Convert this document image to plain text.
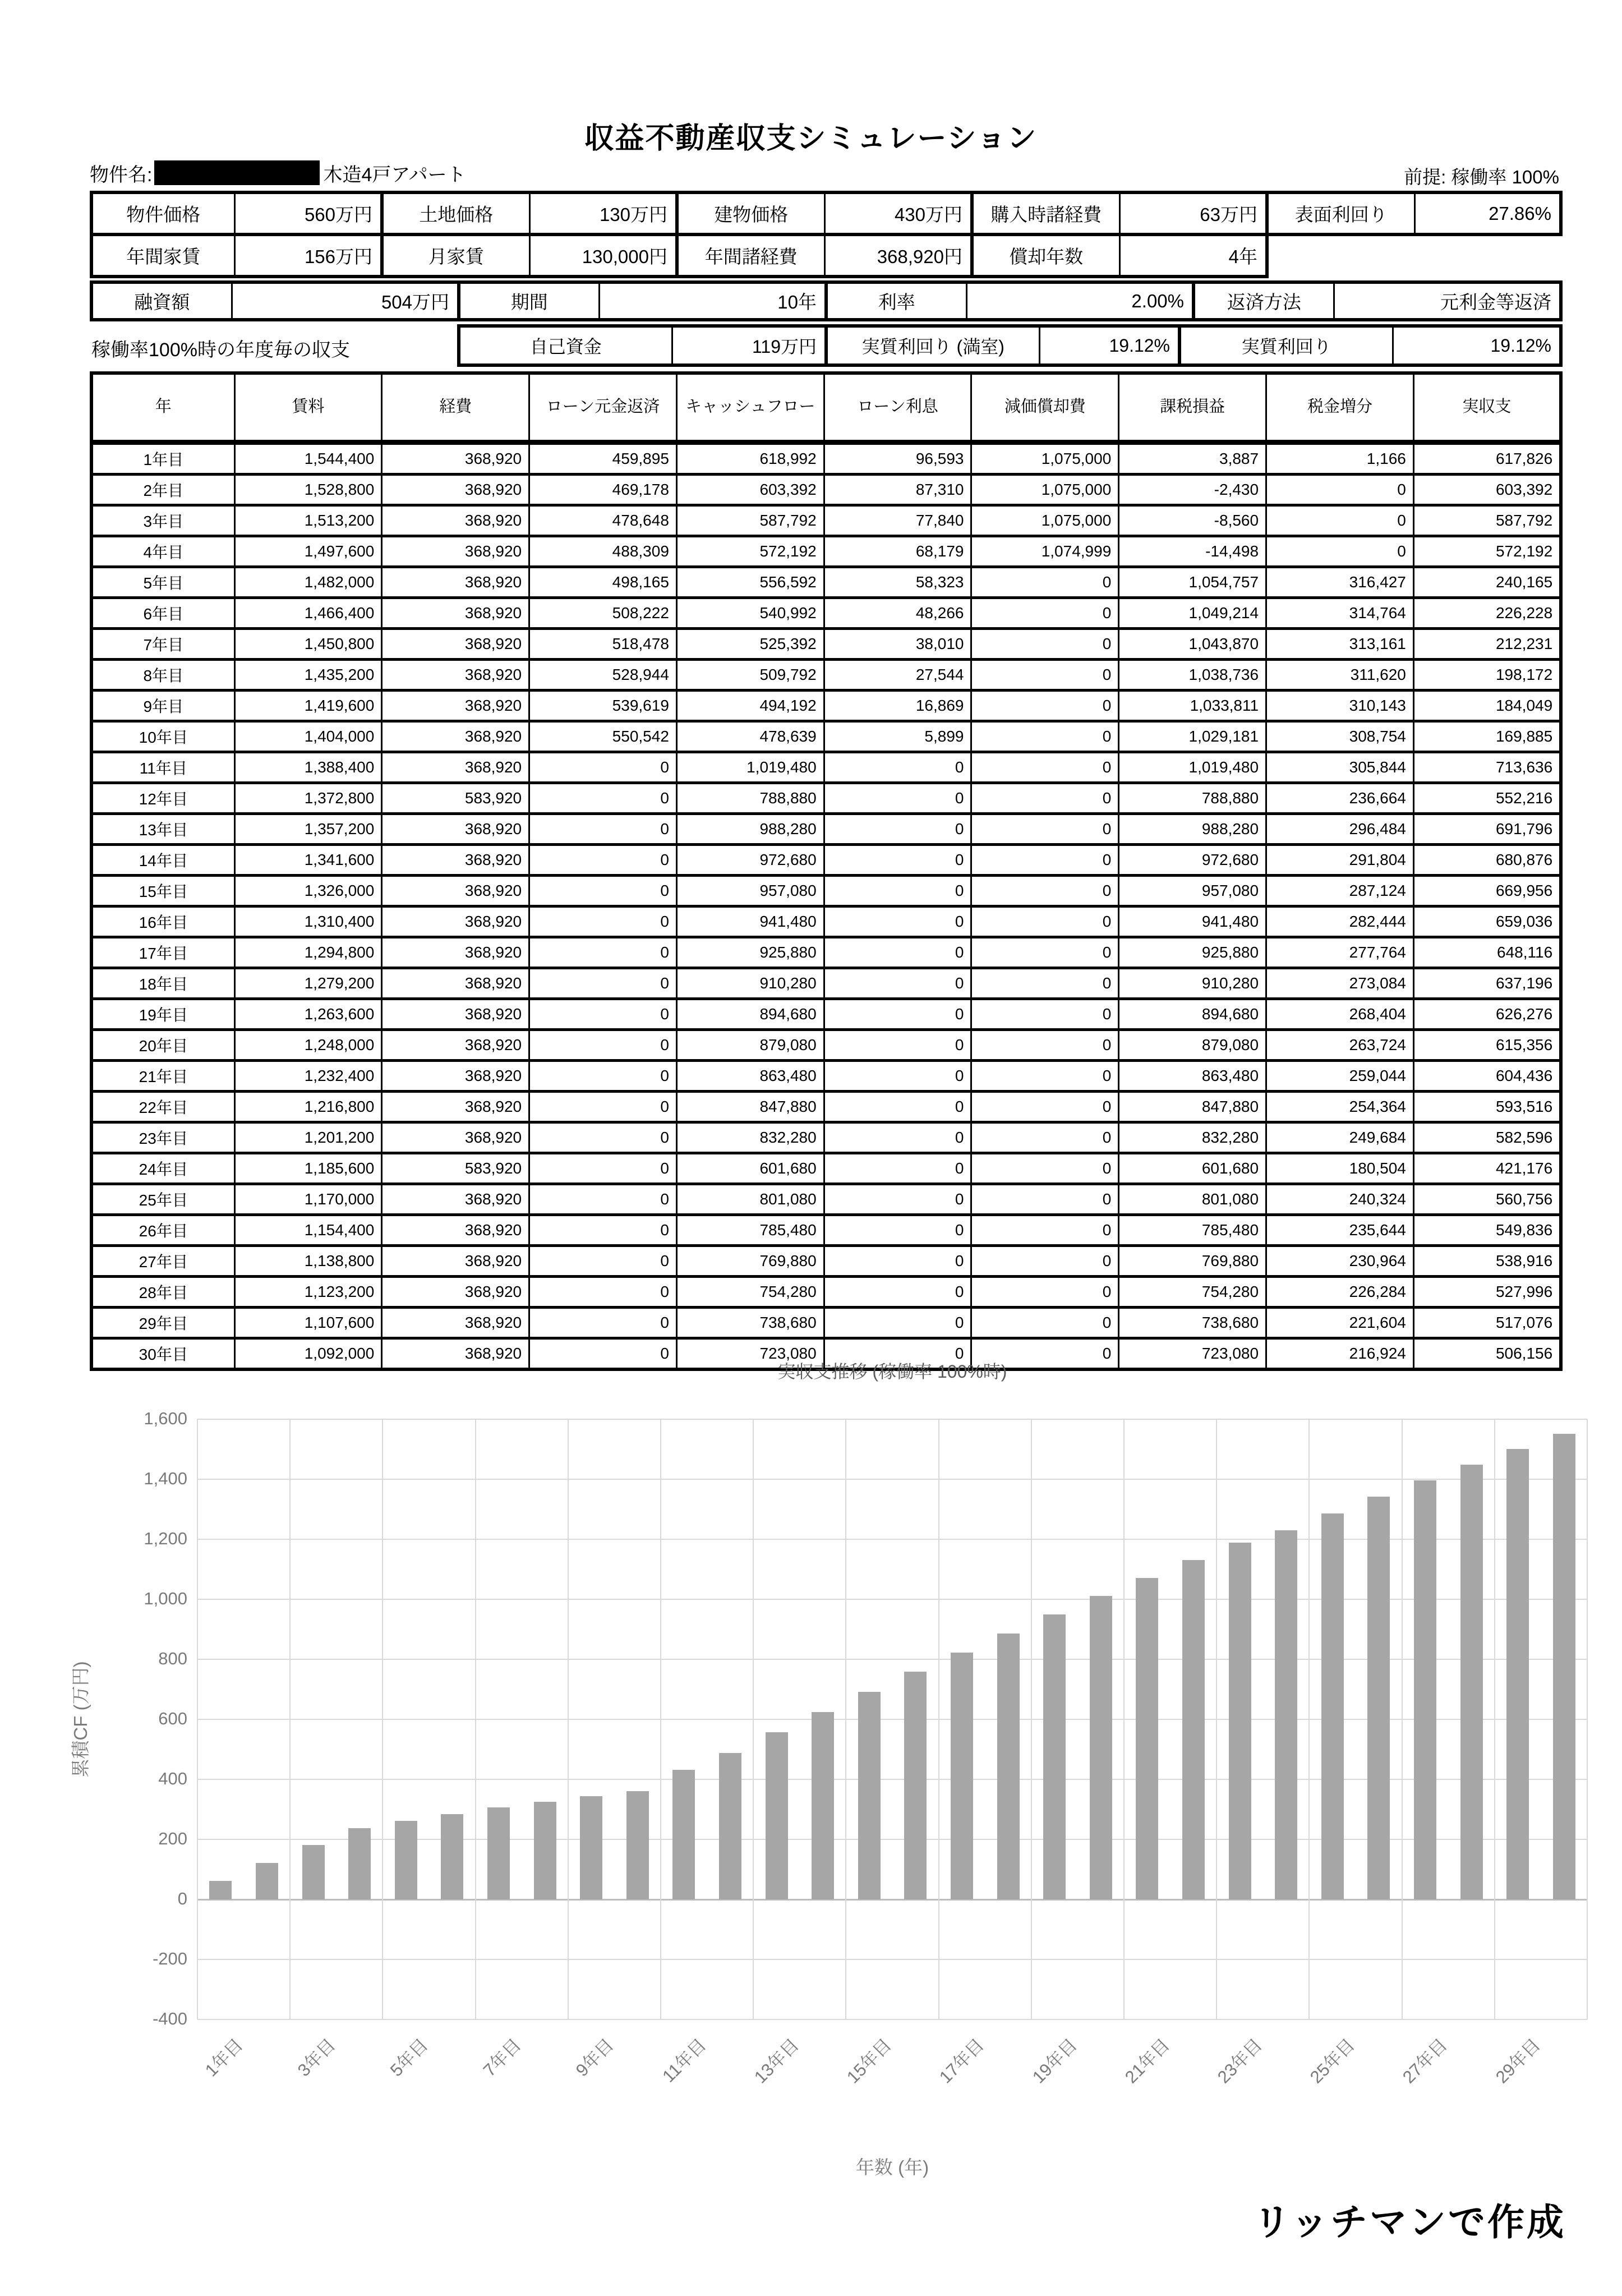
収益不動産収支シミュレーション
物件名:	木造4戸アパート	前提: 稼働率 100%
物件価格	560万円	土地価格	130万円	建物価格	430万円	購入時諸経費	63万円	表面利回り	27.86%
年間家賃	156万円	月家賃	130,000円	年間諸経費	368,920円	償却年数	4年		
融資額	504万円	期間	10年	利率	2.00%	返済方法	元利金等返済
稼働率100%時の年度毎の収支	自己資金	119万円	実質利回り (満室)	19.12%	実質利回り	19.12%
年	賃料	経費	ローン元金返済	キャッシュフロー	ローン利息	減価償却費	課税損益	税金増分	実収支
1年目	1,544,400	368,920	459,895	618,992	96,593	1,075,000	3,887	1,166	617,826
2年目	1,528,800	368,920	469,178	603,392	87,310	1,075,000	-2,430	0	603,392
3年目	1,513,200	368,920	478,648	587,792	77,840	1,075,000	-8,560	0	587,792
4年目	1,497,600	368,920	488,309	572,192	68,179	1,074,999	-14,498	0	572,192
5年目	1,482,000	368,920	498,165	556,592	58,323	0	1,054,757	316,427	240,165
6年目	1,466,400	368,920	508,222	540,992	48,266	0	1,049,214	314,764	226,228
7年目	1,450,800	368,920	518,478	525,392	38,010	0	1,043,870	313,161	212,231
8年目	1,435,200	368,920	528,944	509,792	27,544	0	1,038,736	311,620	198,172
9年目	1,419,600	368,920	539,619	494,192	16,869	0	1,033,811	310,143	184,049
10年目	1,404,000	368,920	550,542	478,639	5,899	0	1,029,181	308,754	169,885
11年目	1,388,400	368,920	0	1,019,480	0	0	1,019,480	305,844	713,636
12年目	1,372,800	583,920	0	788,880	0	0	788,880	236,664	552,216
13年目	1,357,200	368,920	0	988,280	0	0	988,280	296,484	691,796
14年目	1,341,600	368,920	0	972,680	0	0	972,680	291,804	680,876
15年目	1,326,000	368,920	0	957,080	0	0	957,080	287,124	669,956
16年目	1,310,400	368,920	0	941,480	0	0	941,480	282,444	659,036
17年目	1,294,800	368,920	0	925,880	0	0	925,880	277,764	648,116
18年目	1,279,200	368,920	0	910,280	0	0	910,280	273,084	637,196
19年目	1,263,600	368,920	0	894,680	0	0	894,680	268,404	626,276
20年目	1,248,000	368,920	0	879,080	0	0	879,080	263,724	615,356
21年目	1,232,400	368,920	0	863,480	0	0	863,480	259,044	604,436
22年目	1,216,800	368,920	0	847,880	0	0	847,880	254,364	593,516
23年目	1,201,200	368,920	0	832,280	0	0	832,280	249,684	582,596
24年目	1,185,600	583,920	0	601,680	0	0	601,680	180,504	421,176
25年目	1,170,000	368,920	0	801,080	0	0	801,080	240,324	560,756
26年目	1,154,400	368,920	0	785,480	0	0	785,480	235,644	549,836
27年目	1,138,800	368,920	0	769,880	0	0	769,880	230,964	538,916
28年目	1,123,200	368,920	0	754,280	0	0	754,280	226,284	527,996
29年目	1,107,600	368,920	0	738,680	0	0	738,680	221,604	517,076
30年目	1,092,000	368,920	0	723,080	0	0	723,080	216,924	506,156
実収支推移 (稼働率 100%時)
-400
-200
0
200
400
600
800
1,000
1,200
1,400
1,600
1年目	3年目	5年目	7年目	9年目 11年目 13年目 15年目 17年目 19年目 21年目 23年目 25年目 27年目 29年目
累積CF (万円)
年数 (年)
リッチマンで作成
